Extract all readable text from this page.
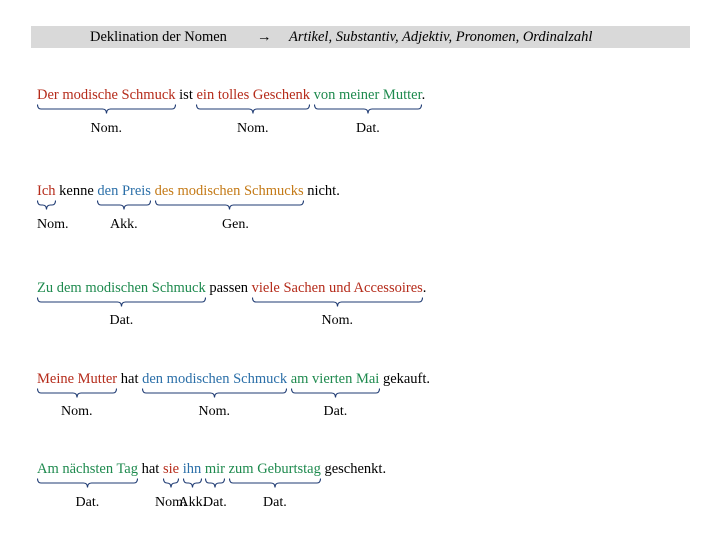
Deklination der Nomen → Artikel, Substantiv, Adjektiv, Pronomen, Ordinalzahl
Der modische Schmuck ist ein tolles Geschenk von meiner Mutter.
Nom.	Nom.	Dat.
Ich kenne den Preis des modischen Schmucks nicht.
Nom.	Akk.	Gen.
Zu dem modischen Schmuck passen viele Sachen und Accessoires.
Dat.	Nom.
Meine Mutter hat den modischen Schmuck am vierten Mai gekauft.
Nom.	Nom.	Dat.
Am nächsten Tag hat sie ihn mir zum Geburtstag geschenkt.
Dat.	Nom.
Akk.
Dat.	Dat.
